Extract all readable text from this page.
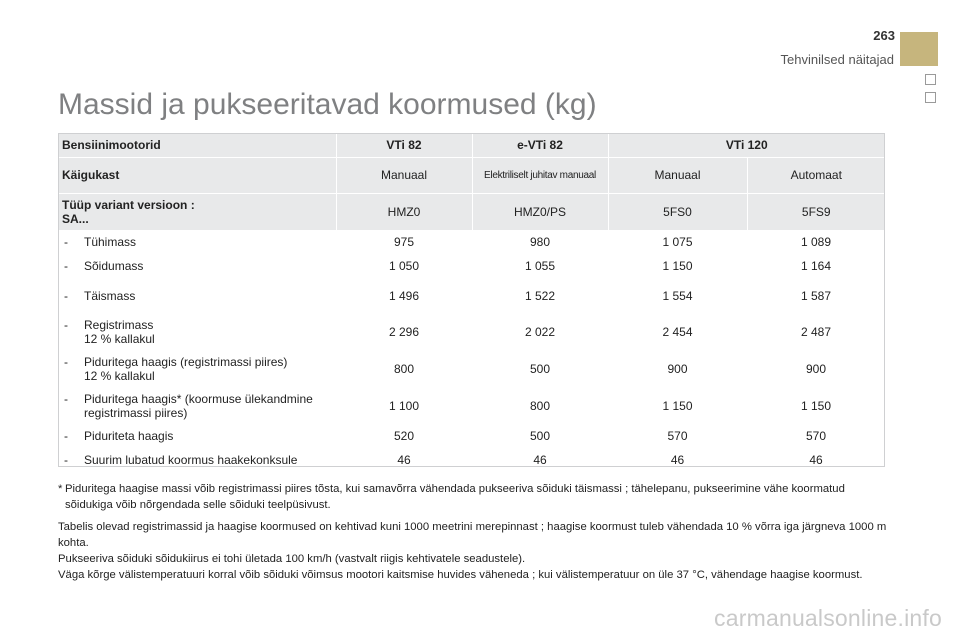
263
Tehvinilsed näitajad
Massid ja pukseeritavad koormused (kg)
Bensiinimootorid	VTi 82	e-VTi 82	VTi 120	
Käigukast	Manuaal	Elektriliselt juhitav manuaal	Manuaal	Automaat

Tüüp variant versioon :
SA...	HMZ0	HMZ0/PS	5FS0	5FS9

- Tühimass	975	980	1 075	1 089

- Sõidumass	1 050	1 055	1 150	1 164

- Täismass	1 496	1 522	1 554	1 587

- Registrimass
12 % kallakul	2 296	2 022	2 454	2 487

- Piduritega haagis (registrimassi piires)
12 % kallakul	800	500	900	900

- Piduritega haagis* (koormuse ülekandmine
registrimassi piires)	1 100	800	1 150	1 150

- Piduriteta haagis	520	500	570	570

- Suurim lubatud koormus haakekonksule	46	46	46	46
* Piduritega haagise massi võib registrimassi piires tõsta, kui samavõrra vähendada pukseeriva sõiduki täismassi ; tähelepanu, pukseerimine vähe koormatud sõidukiga võib nõrgendada selle sõiduki teelpüsivust.
Tabelis olevad registrimassid ja haagise koormused on kehtivad kuni 1000 meetrini merepinnast ; haagise koormust tuleb vähendada 10 % võrra iga järgneva 1000 m kohta.
Pukseeriva sõiduki sõidukiirus ei tohi ületada 100 km/h (vastvalt riigis kehtivatele seadustele).
Väga kõrge välistemperatuuri korral võib sõiduki võimsus mootori kaitsmise huvides väheneda ; kui välistemperatuur on üle 37 °C, vähendage haagise koormust.
carmanualsonline.info
